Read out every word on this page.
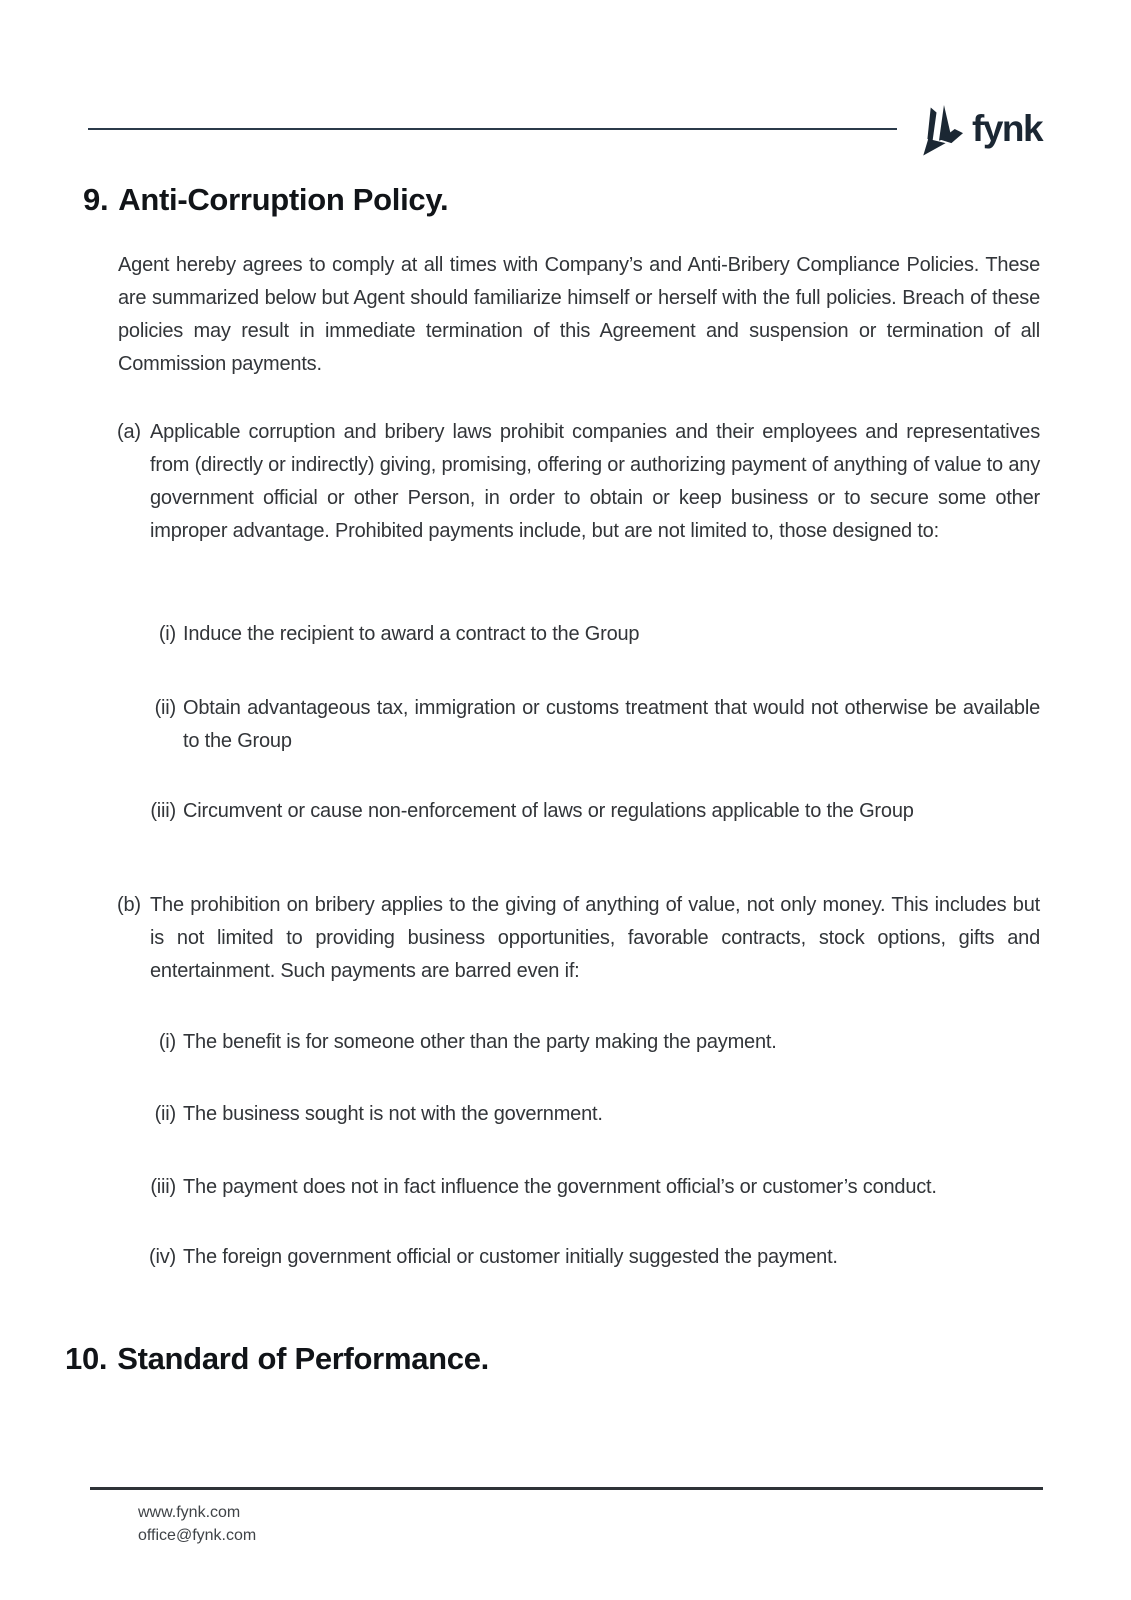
fynk
9. Anti-Corruption Policy.
Agent hereby agrees to comply at all times with Company’s and Anti-Bribery Compliance Policies. These are summarized below but Agent should familiarize himself or herself with the full policies. Breach of these policies may result in immediate termination of this Agreement and suspension or termination of all Commission payments.
(a) Applicable corruption and bribery laws prohibit companies and their employees and representatives from (directly or indirectly) giving, promising, offering or authorizing payment of anything of value to any government official or other Person, in order to obtain or keep business or to secure some other improper advantage. Prohibited payments include, but are not limited to, those designed to:
(i) Induce the recipient to award a contract to the Group
(ii) Obtain advantageous tax, immigration or customs treatment that would not otherwise be available to the Group
(iii) Circumvent or cause non-enforcement of laws or regulations applicable to the Group
(b) The prohibition on bribery applies to the giving of anything of value, not only money. This includes but is not limited to providing business opportunities, favorable contracts, stock options, gifts and entertainment. Such payments are barred even if:
(i) The benefit is for someone other than the party making the payment.
(ii) The business sought is not with the government.
(iii) The payment does not in fact influence the government official’s or customer’s conduct.
(iv) The foreign government official or customer initially suggested the payment.
10. Standard of Performance.
www.fynk.com
office@fynk.com
